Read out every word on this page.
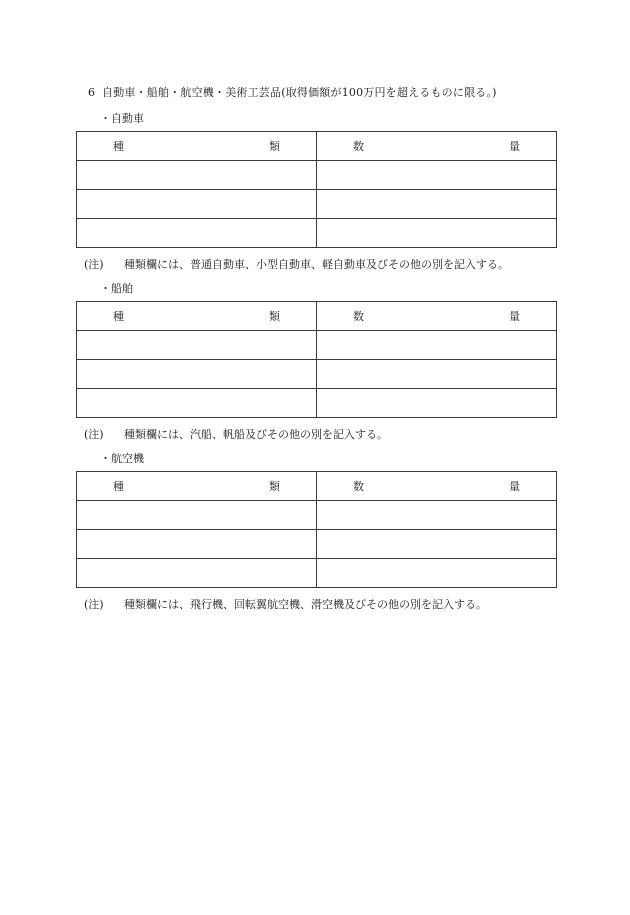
6 自動車・船舶・航空機・美術工芸品(取得価額が100万円を超えるものに限る。)
・自動車
種 類	数 量

(注) 種類欄には、普通自動車、小型自動車、軽自動車及びその他の別を記入する。
・船舶
種 類	数 量

(注) 種類欄には、汽船、帆船及びその他の別を記入する。
・航空機
種 類	数 量

(注) 種類欄には、飛行機、回転翼航空機、滑空機及びその他の別を記入する。
